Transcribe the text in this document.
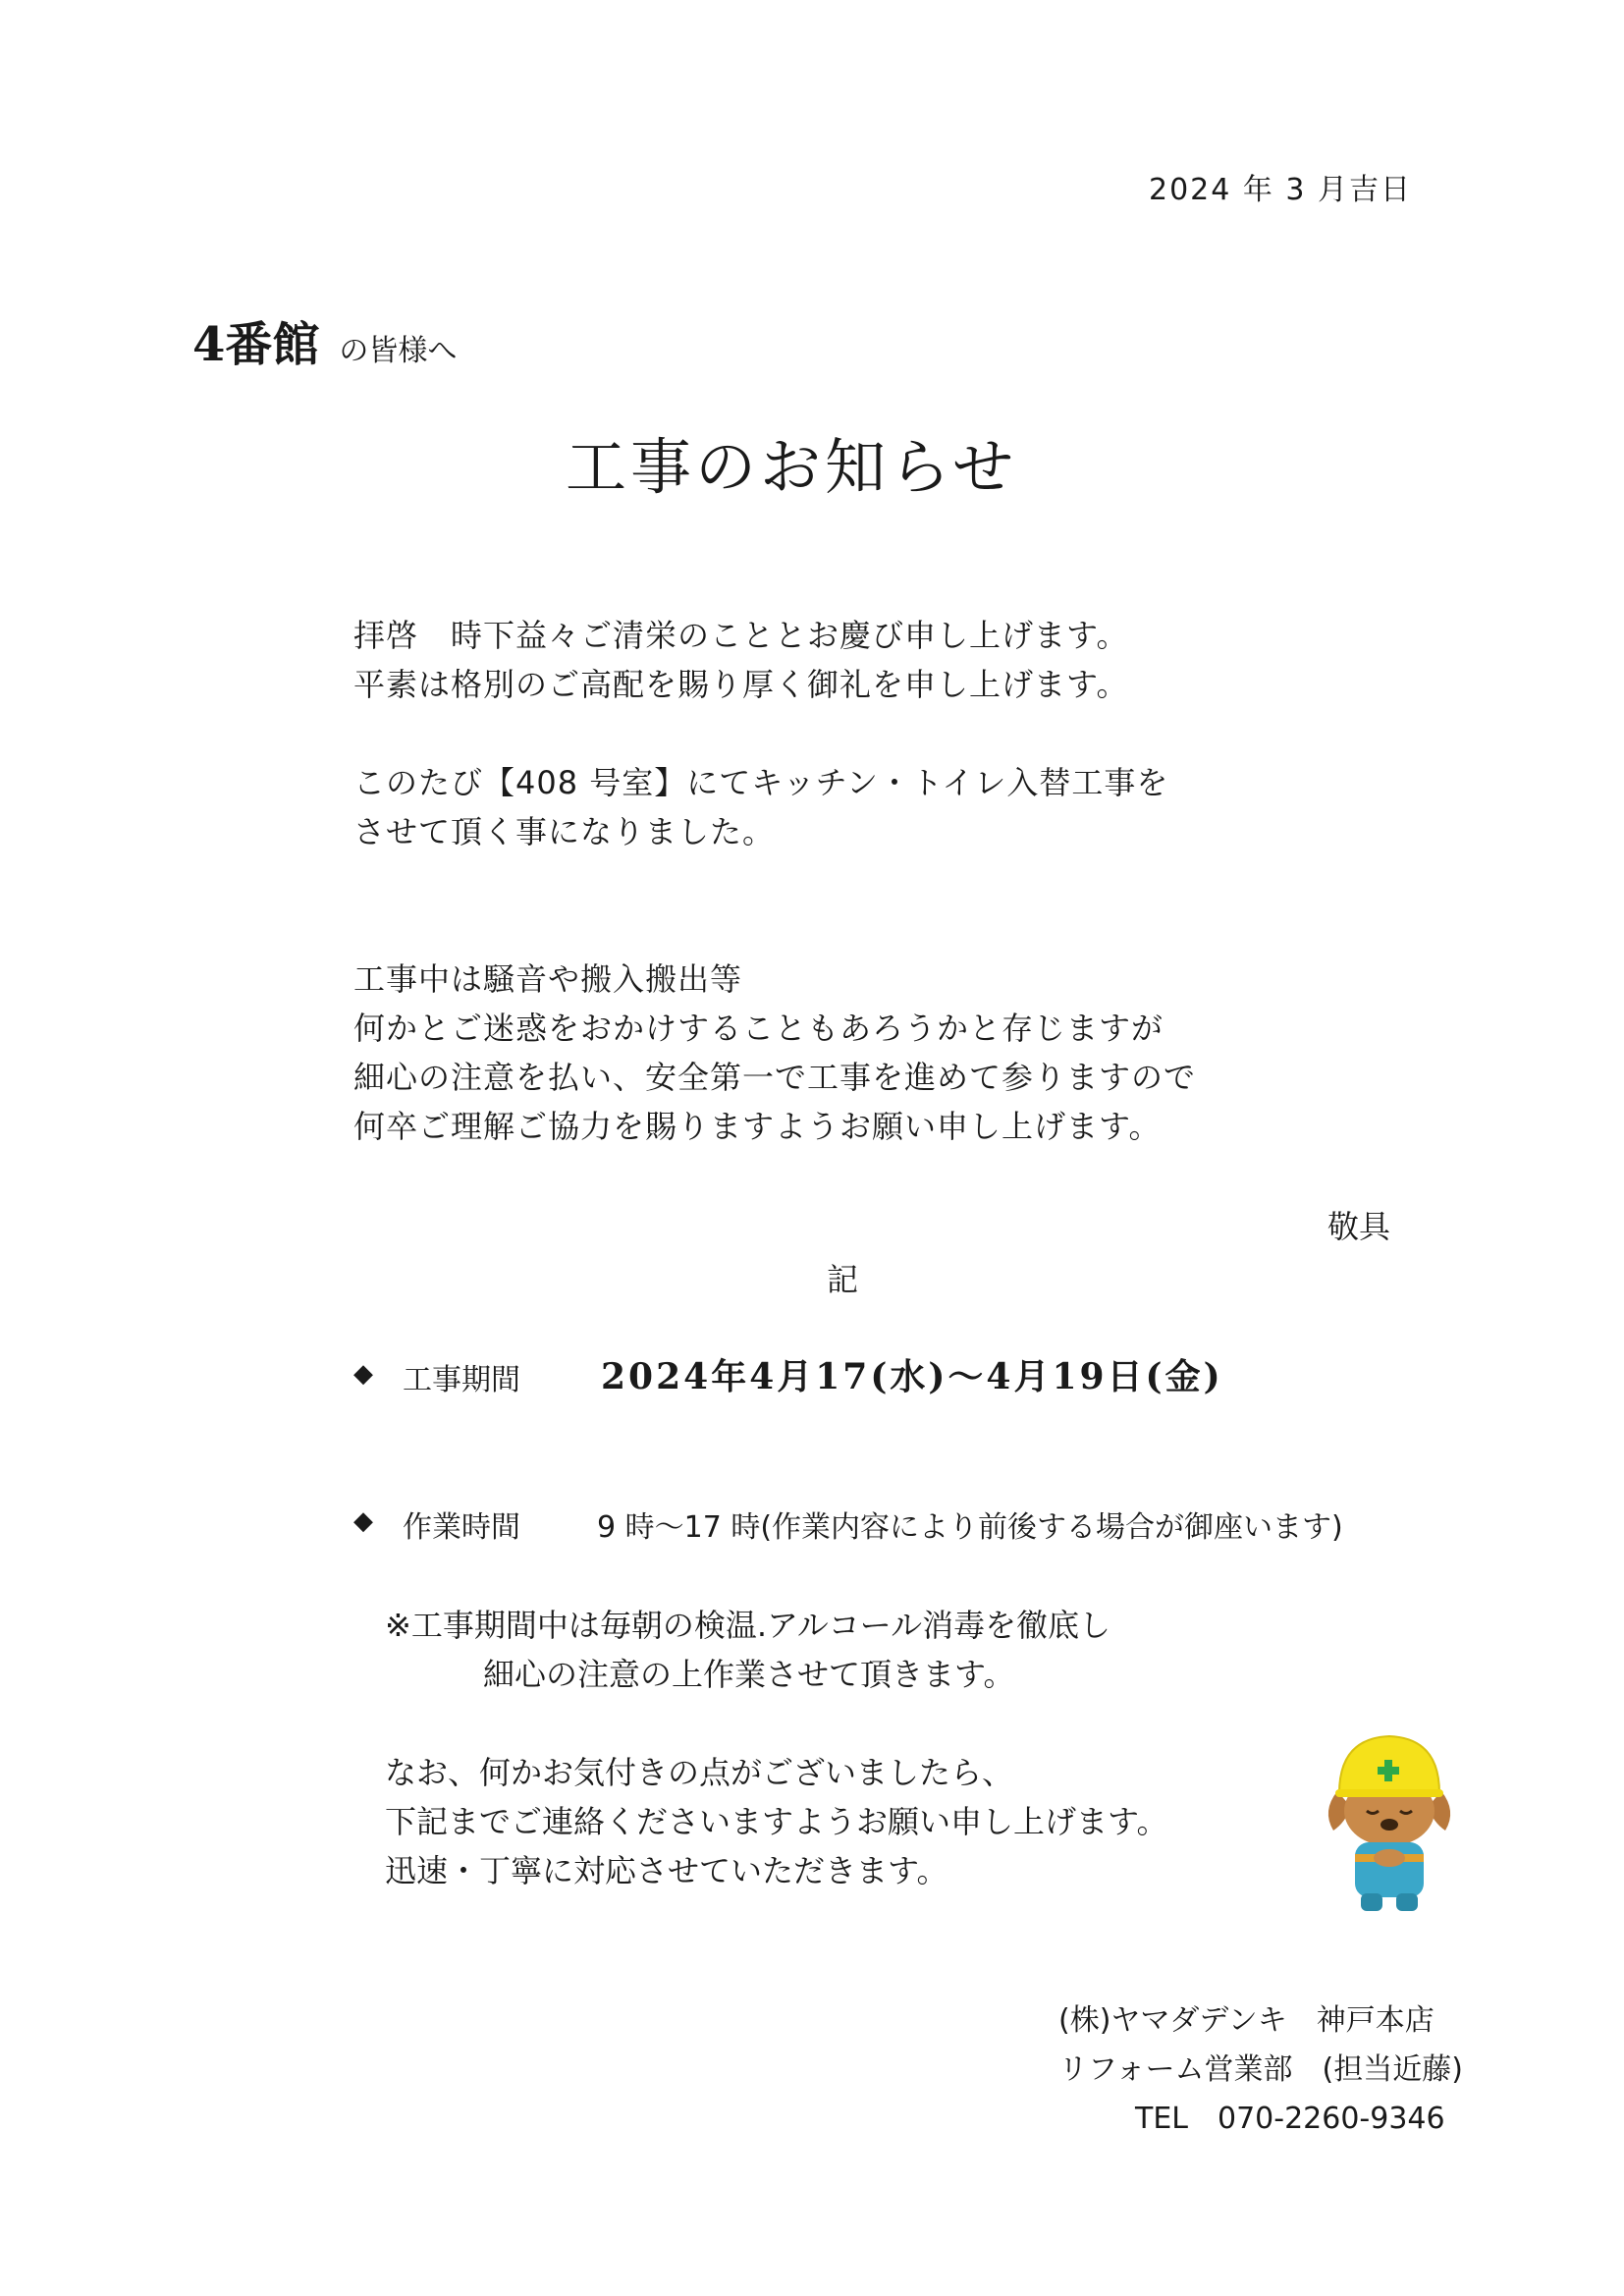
2024 年 3 月吉日
4番館 の皆様へ
工事のお知らせ
拝啓　時下益々ご清栄のこととお慶び申し上げます。
平素は格別のご高配を賜り厚く御礼を申し上げます。
このたび【408 号室】にてキッチン・トイレ入替工事を
させて頂く事になりました。
工事中は騒音や搬入搬出等
何かとご迷惑をおかけすることもあろうかと存じますが
細心の注意を払い、安全第一で工事を進めて参りますので
何卒ご理解ご協力を賜りますようお願い申し上げます。
敬具
記
◆ 工事期間 2024年4月17(水)～4月19日(金)
◆ 作業時間	9 時～17 時(作業内容により前後する場合が御座います)
※工事期間中は毎朝の検温.アルコール消毒を徹底し
細心の注意の上作業させて頂きます。
なお、何かお気付きの点がございましたら、
下記までご連絡くださいますようお願い申し上げます。
迅速・丁寧に対応させていただきます。
(株)ヤマダデンキ　神戸本店
リフォーム営業部　(担当近藤)
TEL　070-2260-9346
